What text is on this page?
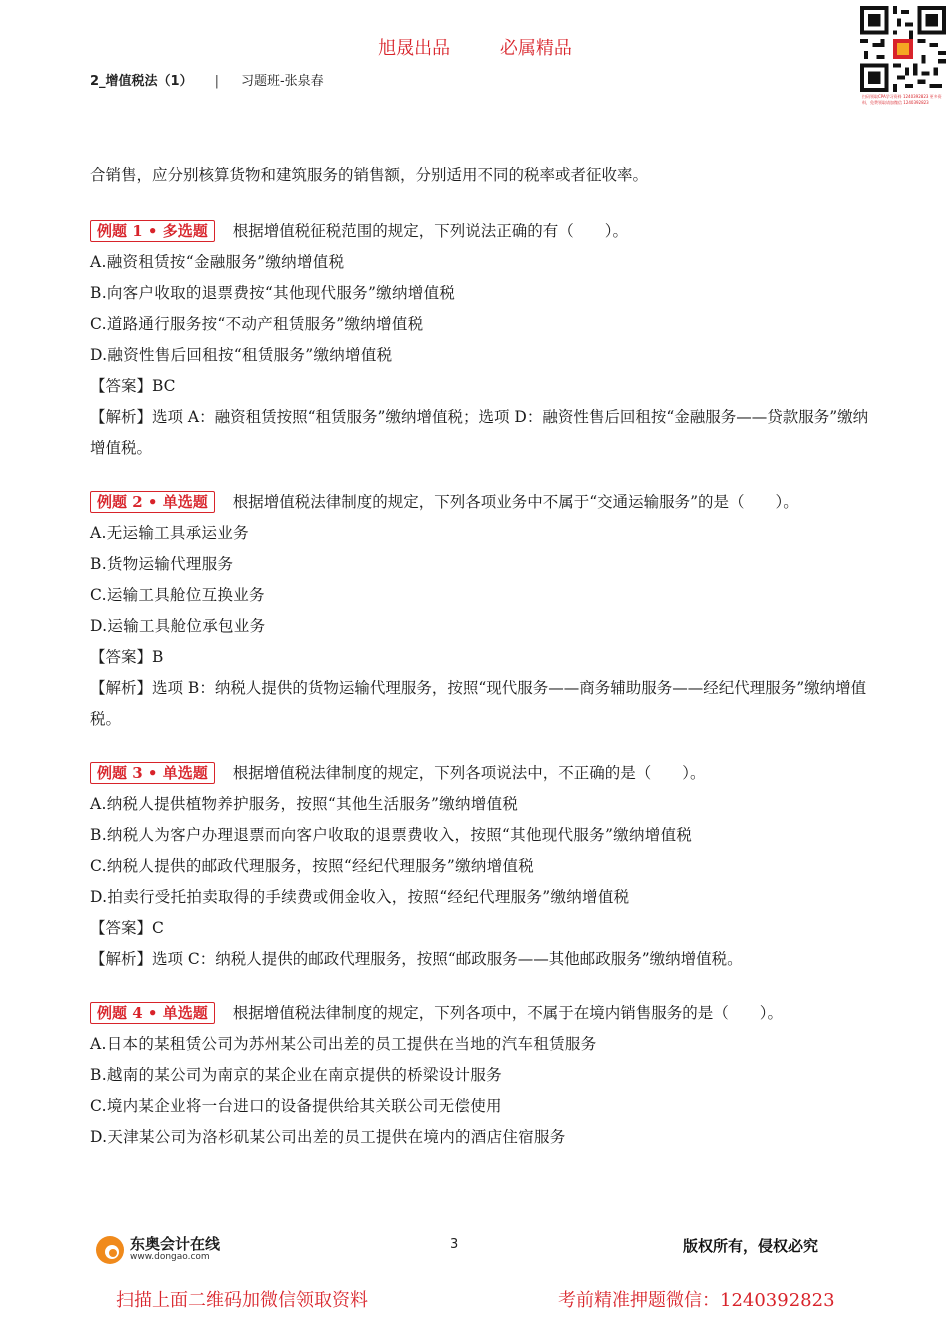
旭晟出品	必属精品
2_增值税法（1） | 习题班-张泉春
扫码领取CPA学习资料 1240392823 更多资料，免费领取请加微信 1240392823

合销售，应分别核算货物和建筑服务的销售额，分别适用不同的税率或者征收率。

例题 1 • 多选题 根据增值税征税范围的规定，下列说法正确的有（　　）。

A.融资租赁按“金融服务”缴纳增值税

B.向客户收取的退票费按“其他现代服务”缴纳增值税

C.道路通行服务按“不动产租赁服务”缴纳增值税

D.融资性售后回租按“租赁服务”缴纳增值税

【答案】BC

【解析】选项 A：融资租赁按照“租赁服务”缴纳增值税；选项 D：融资性售后回租按“金融服务——贷款服务”缴纳增值税。

例题 2 • 单选题 根据增值税法律制度的规定，下列各项业务中不属于“交通运输服务”的是（　　）。

A.无运输工具承运业务

B.货物运输代理服务

C.运输工具舱位互换业务

D.运输工具舱位承包业务

【答案】B

【解析】选项 B：纳税人提供的货物运输代理服务，按照“现代服务——商务辅助服务——经纪代理服务”缴纳增值税。

例题 3 • 单选题 根据增值税法律制度的规定，下列各项说法中，不正确的是（　　）。

A.纳税人提供植物养护服务，按照“其他生活服务”缴纳增值税

B.纳税人为客户办理退票而向客户收取的退票费收入，按照“其他现代服务”缴纳增值税

C.纳税人提供的邮政代理服务，按照“经纪代理服务”缴纳增值税

D.拍卖行受托拍卖取得的手续费或佣金收入，按照“经纪代理服务”缴纳增值税

【答案】C

【解析】选项 C：纳税人提供的邮政代理服务，按照“邮政服务——其他邮政服务”缴纳增值税。

例题 4 • 单选题 根据增值税法律制度的规定，下列各项中，不属于在境内销售服务的是（　　）。

A.日本的某租赁公司为苏州某公司出差的员工提供在当地的汽车租赁服务

B.越南的某公司为南京的某企业在南京提供的桥梁设计服务

C.境内某企业将一台进口的设备提供给其关联公司无偿使用

D.天津某公司为洛杉矶某公司出差的员工提供在境内的酒店住宿服务

东奥会计在线
www.dongao.com
3	版权所有，侵权必究
扫描上面二维码加微信领取资料	考前精准押题微信：1240392823
